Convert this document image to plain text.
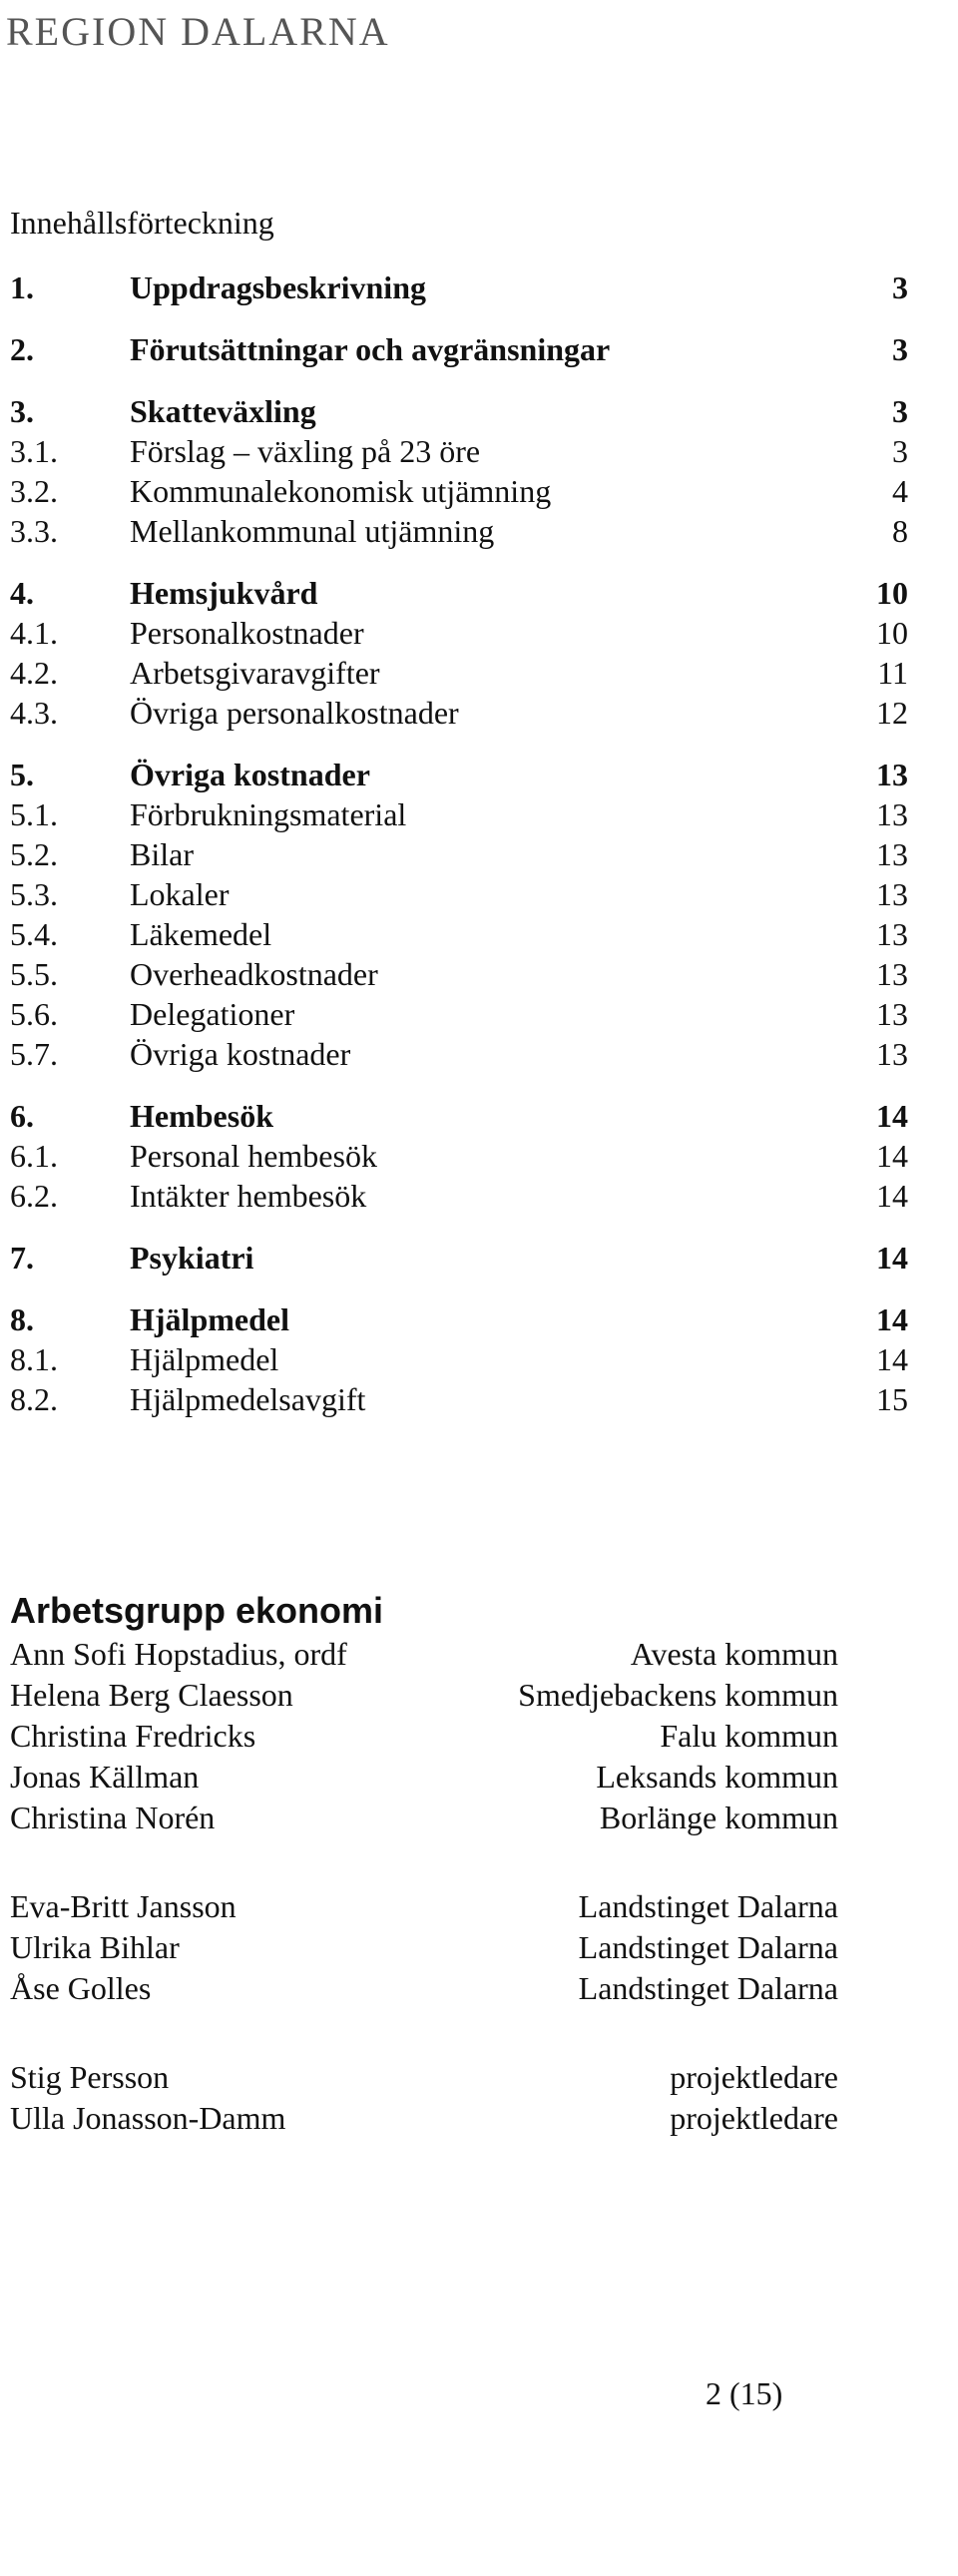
REGION DALARNA
Innehållsförteckning
1.	Uppdragsbeskrivning	3
2.	Förutsättningar och avgränsningar	3
3.	Skatteväxling	3
3.1.	Förslag – växling på 23 öre	3
3.2.	Kommunalekonomisk utjämning	4
3.3.	Mellankommunal utjämning	8
4.	Hemsjukvård	10
4.1.	Personalkostnader	10
4.2.	Arbetsgivaravgifter	11
4.3.	Övriga personalkostnader	12
5.	Övriga kostnader	13
5.1.	Förbrukningsmaterial	13
5.2.	Bilar	13
5.3.	Lokaler	13
5.4.	Läkemedel	13
5.5.	Overheadkostnader	13
5.6.	Delegationer	13
5.7.	Övriga kostnader	13
6.	Hembesök	14
6.1.	Personal hembesök	14
6.2.	Intäkter hembesök	14
7.	Psykiatri	14
8.	Hjälpmedel	14
8.1.	Hjälpmedel	14
8.2.	Hjälpmedelsavgift	15
Arbetsgrupp ekonomi
Ann Sofi Hopstadius, ordf	Avesta kommun
Helena Berg Claesson	Smedjebackens kommun
Christina Fredricks	Falu kommun
Jonas Källman	Leksands kommun
Christina Norén	Borlänge kommun
Eva-Britt Jansson	Landstinget Dalarna
Ulrika Bihlar	Landstinget Dalarna
Åse Golles	Landstinget Dalarna
Stig Persson	projektledare
Ulla Jonasson-Damm	projektledare
2 (15)
